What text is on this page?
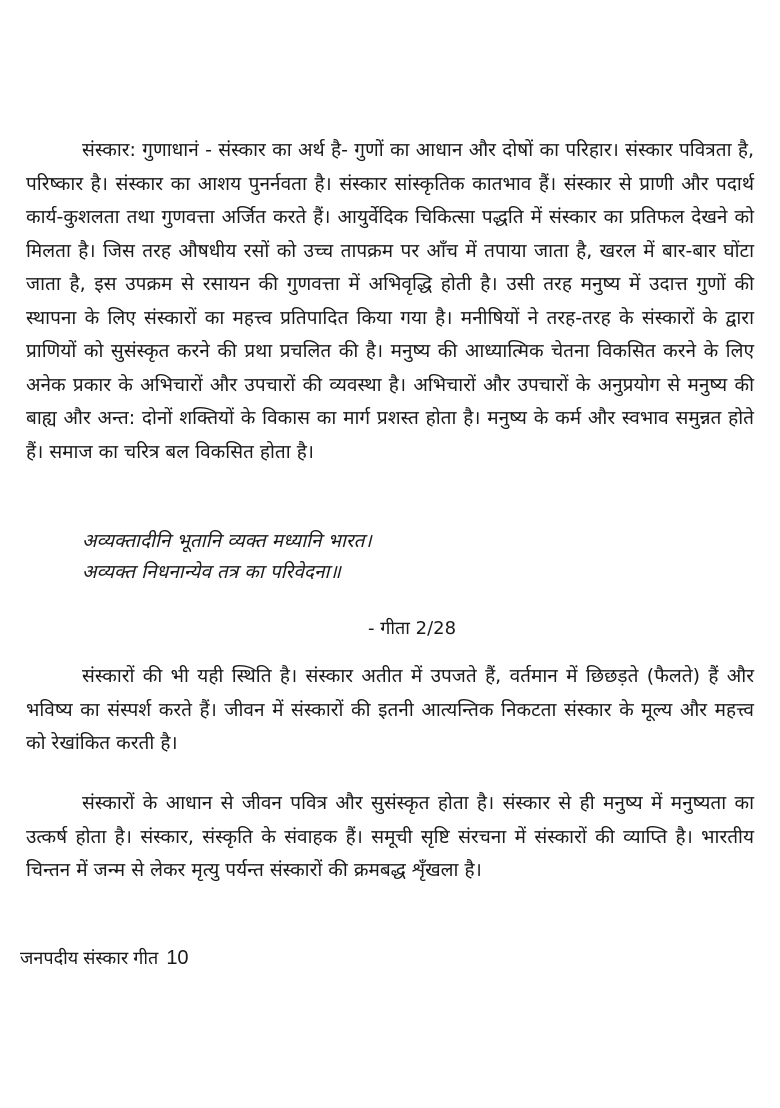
संस्कार: गुणाधानं - संस्कार का अर्थ है- गुणों का आधान और दोषों का परिहार। संस्कार पवित्रता है, परिष्कार है। संस्कार का आशय पुनर्नवता है। संस्कार सांस्कृतिक कातभाव हैं। संस्कार से प्राणी और पदार्थ कार्य-कुशलता तथा गुणवत्ता अर्जित करते हैं। आयुर्वेदिक चिकित्सा पद्धति में संस्कार का प्रतिफल देखने को मिलता है। जिस तरह औषधीय रसों को उच्च तापक्रम पर आँच में तपाया जाता है, खरल में बार-बार घोंटा जाता है, इस उपक्रम से रसायन की गुणवत्ता में अभिवृद्धि होती है। उसी तरह मनुष्य में उदात्त गुणों की स्थापना के लिए संस्कारों का महत्त्व प्रतिपादित किया गया है। मनीषियों ने तरह-तरह के संस्कारों के द्वारा प्राणियों को सुसंस्कृत करने की प्रथा प्रचलित की है। मनुष्य की आध्यात्मिक चेतना विकसित करने के लिए अनेक प्रकार के अभिचारों और उपचारों की व्यवस्था है। अभिचारों और उपचारों के अनुप्रयोग से मनुष्य की बाह्य और अन्त: दोनों शक्तियों के विकास का मार्ग प्रशस्त होता है। मनुष्य के कर्म और स्वभाव समुन्नत होते हैं। समाज का चरित्र बल विकसित होता है।

अव्यक्तादीनि भूतानि व्यक्त मध्यानि भारत।
अव्यक्त निधनान्येव तत्र का परिवेदना॥
- गीता 2/28

संस्कारों की भी यही स्थिति है। संस्कार अतीत में उपजते हैं, वर्तमान में छिछड़ते (फैलते) हैं और भविष्य का संस्पर्श करते हैं। जीवन में संस्कारों की इतनी आत्यन्तिक निकटता संस्कार के मूल्य और महत्त्व को रेखांकित करती है।

संस्कारों के आधान से जीवन पवित्र और सुसंस्कृत होता है। संस्कार से ही मनुष्य में मनुष्यता का उत्कर्ष होता है। संस्कार, संस्कृति के संवाहक हैं। समूची सृष्टि संरचना में संस्कारों की व्याप्ति है। भारतीय चिन्तन में जन्म से लेकर मृत्यु पर्यन्त संस्कारों की क्रमबद्ध शृँखला है।

जनपदीय संस्कार गीत 10
